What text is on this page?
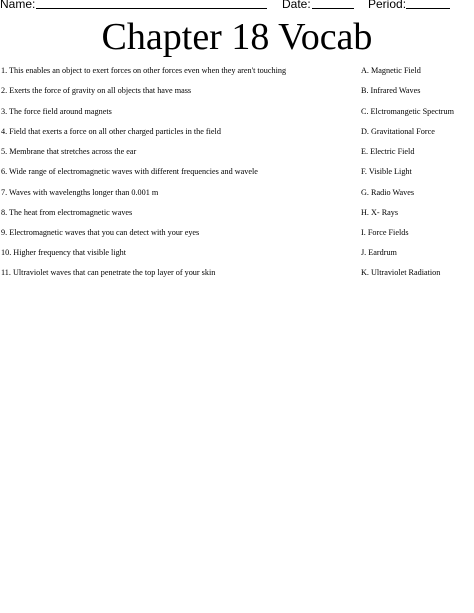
Name:	Date:	Period:
Chapter 18 Vocab
1. This enables an object to exert forces on other forces even when they aren't touching
2. Exerts the force of gravity on all objects that have mass
3. The force field around magnets
4. Field that exerts a force on all other charged particles in the field
5. Membrane that stretches across the ear
6. Wide range of electromagnetic waves with different frequencies and wavele
7. Waves with wavelengths longer than 0.001 m
8. The heat from electromagnetic waves
9. Electromagnetic waves that you can detect with your eyes
10. Higher frequency that visible light
11. Ultraviolet waves that can penetrate the top layer of your skin
A. Magnetic Field
B. Infrared Waves
C. Elctromangetic Spectrum
D. Gravitational Force
E. Electric Field
F. Visible Light
G. Radio Waves
H. X- Rays
I. Force Fields
J. Eardrum
K. Ultraviolet Radiation
